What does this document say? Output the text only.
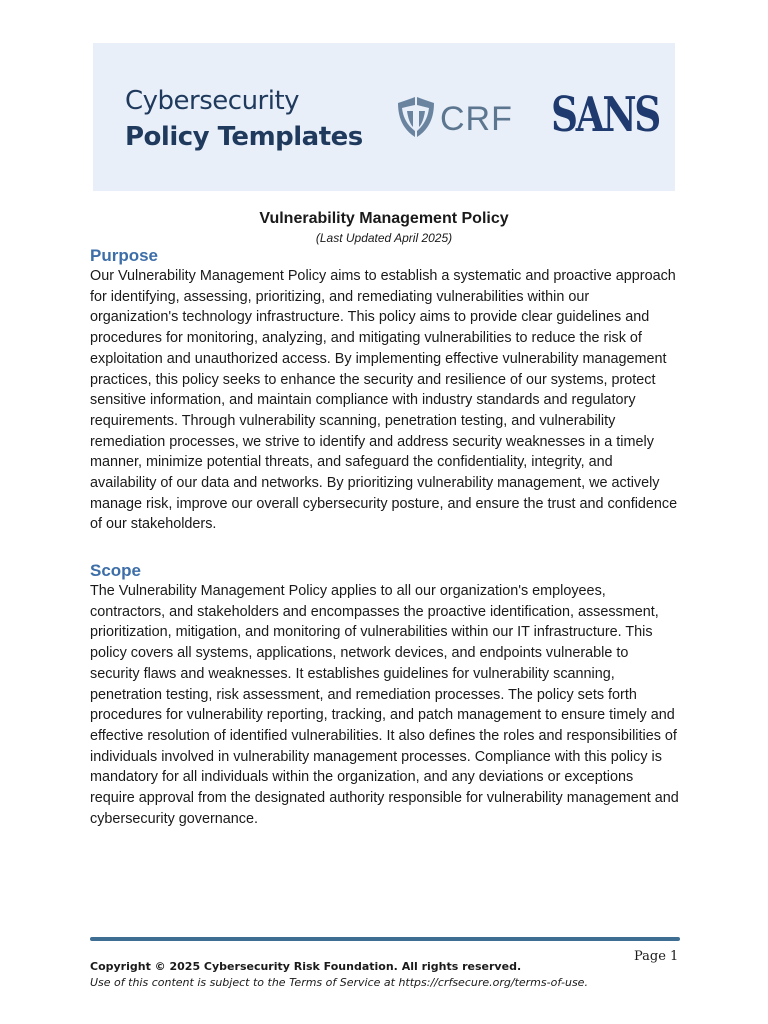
Cybersecurity
Policy Templates CRF SANS
Vulnerability Management Policy
(Last Updated April 2025)
Purpose

Our Vulnerability Management Policy aims to establish a systematic and proactive approach for identifying, assessing, prioritizing, and remediating vulnerabilities within our organization's technology infrastructure. This policy aims to provide clear guidelines and procedures for monitoring, analyzing, and mitigating vulnerabilities to reduce the risk of exploitation and unauthorized access. By implementing effective vulnerability management practices, this policy seeks to enhance the security and resilience of our systems, protect sensitive information, and maintain compliance with industry standards and regulatory requirements. Through vulnerability scanning, penetration testing, and vulnerability remediation processes, we strive to identify and address security weaknesses in a timely manner, minimize potential threats, and safeguard the confidentiality, integrity, and availability of our data and networks. By prioritizing vulnerability management, we actively manage risk, improve our overall cybersecurity posture, and ensure the trust and confidence of our stakeholders.

Scope

The Vulnerability Management Policy applies to all our organization's employees, contractors, and stakeholders and encompasses the proactive identification, assessment, prioritization, mitigation, and monitoring of vulnerabilities within our IT infrastructure. This policy covers all systems, applications, network devices, and endpoints vulnerable to security flaws and weaknesses. It establishes guidelines for vulnerability scanning, penetration testing, risk assessment, and remediation processes. The policy sets forth procedures for vulnerability reporting, tracking, and patch management to ensure timely and effective resolution of identified vulnerabilities. It also defines the roles and responsibilities of individuals involved in vulnerability management processes. Compliance with this policy is mandatory for all individuals within the organization, and any deviations or exceptions require approval from the designated authority responsible for vulnerability management and cybersecurity governance.

Page 1
Copyright © 2025 Cybersecurity Risk Foundation. All rights reserved.
Use of this content is subject to the Terms of Service at https://crfsecure.org/terms-of-use.
